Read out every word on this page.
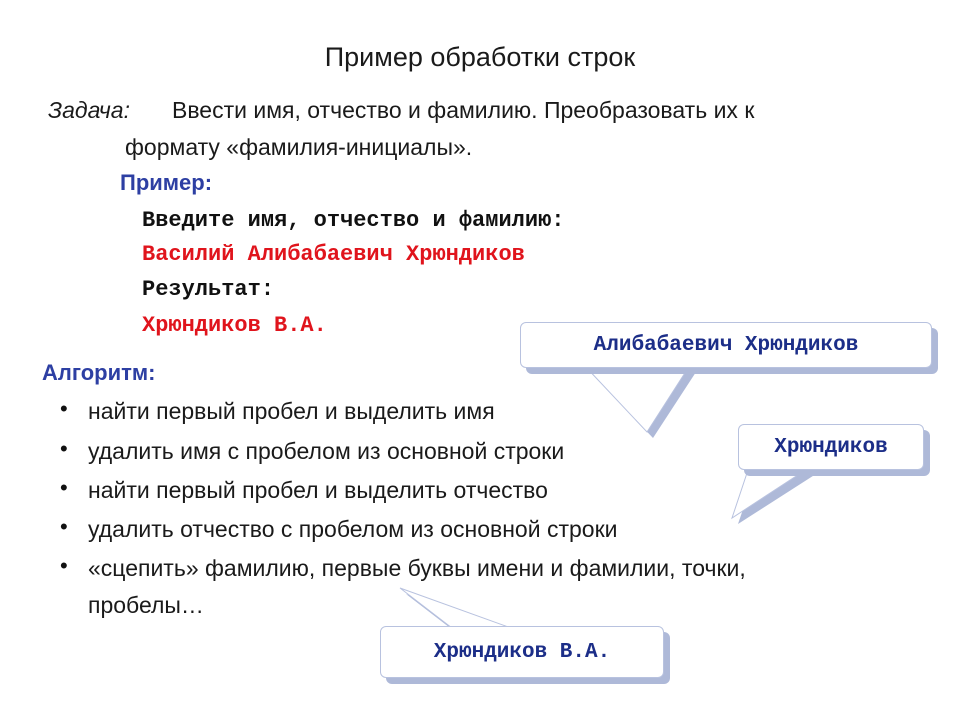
Пример обработки строк
Задача: Ввести имя, отчество и фамилию. Преобразовать их к
формату «фамилия-инициалы».
Пример:
Введите имя, отчество и фамилию:
Василий Алибабаевич Хрюндиков
Результат:
Хрюндиков В.А.
Алгоритм:
• найти первый пробел и выделить имя
• удалить имя с пробелом из основной строки
• найти первый пробел и выделить отчество
• удалить отчество с пробелом из основной строки
• «сцепить» фамилию, первые буквы имени и фамилии, точки,
пробелы…
Алибабаевич Хрюндиков
Хрюндиков
Хрюндиков В.А.
